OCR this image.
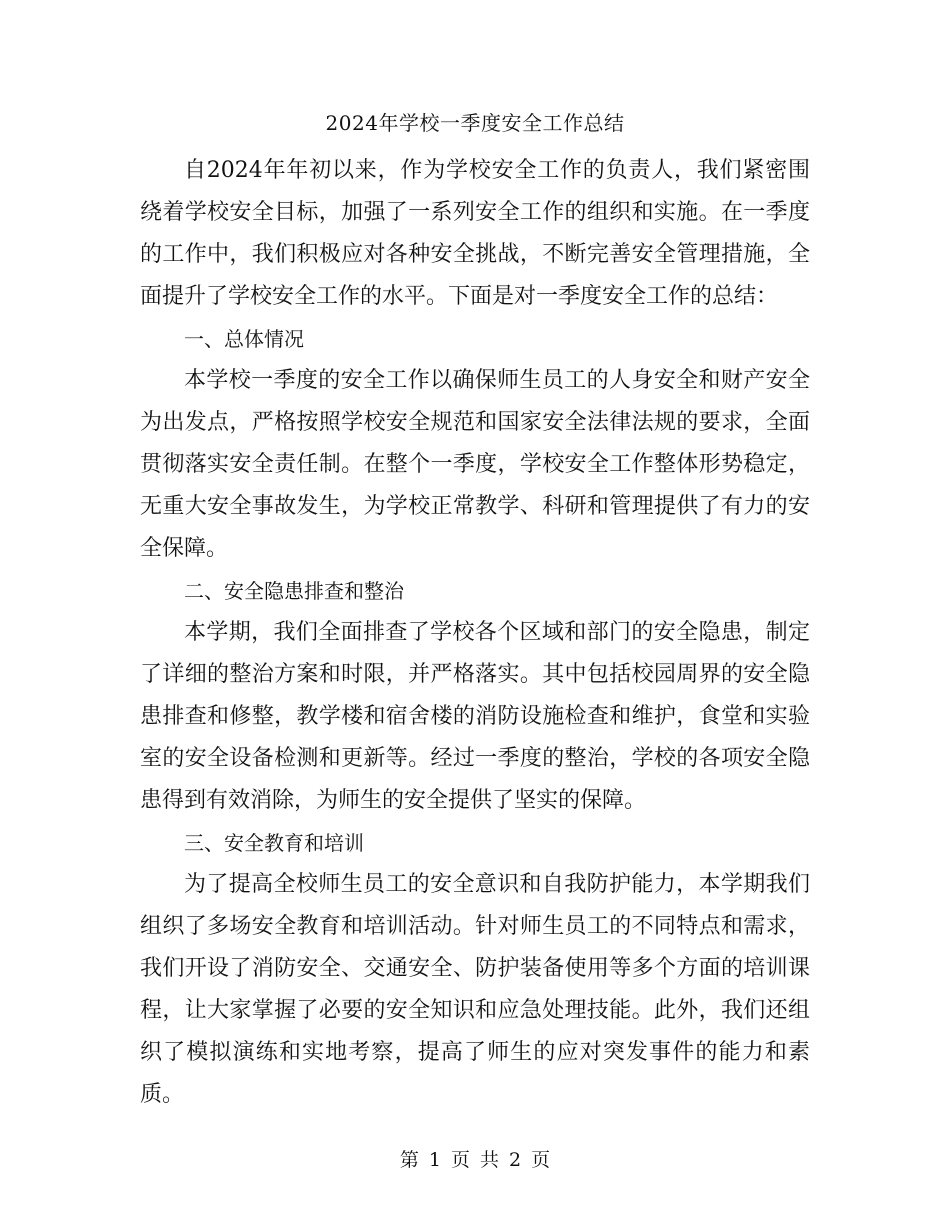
2024年学校一季度安全工作总结

自2024年年初以来，作为学校安全工作的负责人，我们紧密围绕着学校安全目标，加强了一系列安全工作的组织和实施。在一季度的工作中，我们积极应对各种安全挑战，不断完善安全管理措施，全面提升了学校安全工作的水平。下面是对一季度安全工作的总结：

一、总体情况

本学校一季度的安全工作以确保师生员工的人身安全和财产安全为出发点，严格按照学校安全规范和国家安全法律法规的要求，全面贯彻落实安全责任制。在整个一季度，学校安全工作整体形势稳定，无重大安全事故发生，为学校正常教学、科研和管理提供了有力的安全保障。

二、安全隐患排查和整治

本学期，我们全面排查了学校各个区域和部门的安全隐患，制定了详细的整治方案和时限，并严格落实。其中包括校园周界的安全隐患排查和修整，教学楼和宿舍楼的消防设施检查和维护，食堂和实验室的安全设备检测和更新等。经过一季度的整治，学校的各项安全隐患得到有效消除，为师生的安全提供了坚实的保障。

三、安全教育和培训

为了提高全校师生员工的安全意识和自我防护能力，本学期我们组织了多场安全教育和培训活动。针对师生员工的不同特点和需求，我们开设了消防安全、交通安全、防护装备使用等多个方面的培训课程，让大家掌握了必要的安全知识和应急处理技能。此外，我们还组织了模拟演练和实地考察，提高了师生的应对突发事件的能力和素质。

第 1 页 共 2 页
